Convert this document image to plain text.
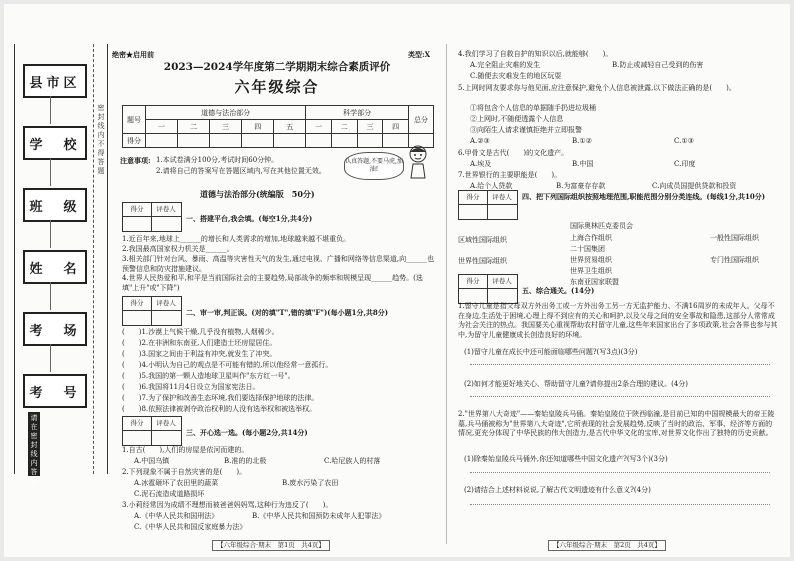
县市区
学　校
班　级
姓　名
考　场
考　号
密封线内不得答题
请在密封线内答题
绝密★启用前	类型:X
2023—2024学年度第二学期期末综合素质评价
六年级综合
题号	道德与法治部分					科学部分				总分
	一	二	三	四	五	一	二	三	四	
得分										
注意事项: 1.本试卷满分100分,考试时间60分钟。
2.请将自己的答案写在答题区域内,写在其他位置无效。
认真答题,不要马虎,加油!
道德与法治部分(统编版　50分)
得分	评卷人
一、搭建平台,我会填。(每空1分,共4分)
1.近百年来,地球上______的增长和人类需求的增加,地球越来越不堪重负。
2.我国最高国家权力机关是______。
3.相关部门针对台风、暴雨、高温等灾害性天气的发生,通过电视、广播和网络等信息渠道,向______也预警信息和防灾措施建议。
4.世界人民热爱和平,和平是当前国际社会的主要趋势,局部战争的频率和规模呈现______趋势。(选填"上升"或"下降")
得分	评卷人
二、审一审,判正误。(对的填"T",错的填"F")(每小题1分,共8分)
(　　)1.沙漠上气候干燥,几乎没有植物,人烟稀少。
(　　)2.在非洲和东南亚,人们建造土坯房屋居住。
(　　)3.国家之间由于利益有冲突,就发生了冲突。
(　　)4.小明认为自己的观点是不可能有错的,所以他经常一意孤行。
(　　)5.我国的第一颗人造地球卫星叫作"东方红一号"。
(　　)6.我国将11月4日设立为国家宪法日。
(　　)7.为了保护和改善生态环境,我们要选择保护地球的法律。
(　　)8.依照法律被剥夺政治权利的人没有选举权和被选举权。
得分	评卷人
三、开心选一选。(每小题2分,共14分)
1.自古(　　),人们的房屋是依河而建的。
A.中国乌镇	B.准的的北极	C.哈尼族人的村落
2.下列现象不属于自然灾害的是(　　)。
A.冰雹砸坏了农田里的蔬菜	B.废水污染了农田
C.泥石流造成道路损坏
3.小莉经常因为成绩不理想而被爸爸妈妈骂,这种行为违反了(　　)。
A.《中华人民共和国刑法》	B.《中华人民共和国预防未成年人犯罪法》
C.《中华人民共和国反家庭暴力法》
【六年级综合·期末　第1页　共4页】
4.我们学习了自救自护的知识以后,就能够(　　)。
A.完全阻止灾难的发生	B.防止或减轻自己受到的伤害
C.随便去灾难发生的地区玩耍
5.上网时网友要求你与他见面,应注意保护,避免个人信息被泄露,以下做法正确的是(　　)。
①将包含个人信息的单据随手扔进垃圾桶
②上网时,不随便透露个人信息
③向陌生人请求谨慎拒绝并立即报警
A.②③	B.①②	C.①③
6.甲骨文是古代(　　)的文化遗产。
A.埃及	B.中国	C.印度
7.世界银行的主要职能是(　　)。
A.给个人贷款	B.为富豪存存款	C.向成员国提供贷款和投资
得分	评卷人	四、把下列国际组织按照地理范围,职能范围分别分类连线。(每线1分,共10分)
国际奥林匹克委员会
区域性国际组织	上海合作组织	一般性国际组织
二十国集团
世界性国际组织	世界贸易组织	专门性国际组织
世界卫生组织
东南亚国家联盟
得分	评卷人
五、综合通关。(14分)
1.留守儿童是指父母双方外出务工或一方外出务工另一方无监护能力、不满16周岁的未成年人。父母不在身边,生活处于困境,心理上得不到应有的关心和呵护,以及父母之间的安全事故和隐患,这部分人常常成为社会关注的热点。我国要关心重视帮助农村留守儿童,这些年来国家出台了多项政策,社会各界也参与其中,为留守儿童健康成长创造良好的环境。
(1)留守儿童在成长中还可能面临哪些问题?(写3点)(3分)
(2)如何才能更好地关心、帮助留守儿童?请你提出2条合理的建议。(4分)
2."世界第八大奇迹"——秦始皇陵兵马俑。秦始皇陵位于陕西临潼,是目前已知的中国规模最大的帝王陵墓,兵马俑被称为"世界第八大奇迹",它所表现的社会发展趋势,反映了当时的政治、军事、经济等方面的情况,更充分体现了中华民族的伟大创造力,是古代中华文化的宝库,对世界文化作出了独特的历史贡献。
(1)除秦始皇陵兵马俑外,你还知道哪些中国文化遗产?(写3个)(3分)
(2)请结合上述材料说说,了解古代文明遗迹有什么意义?(4分)
【六年级综合·期末　第2页　共4页】
